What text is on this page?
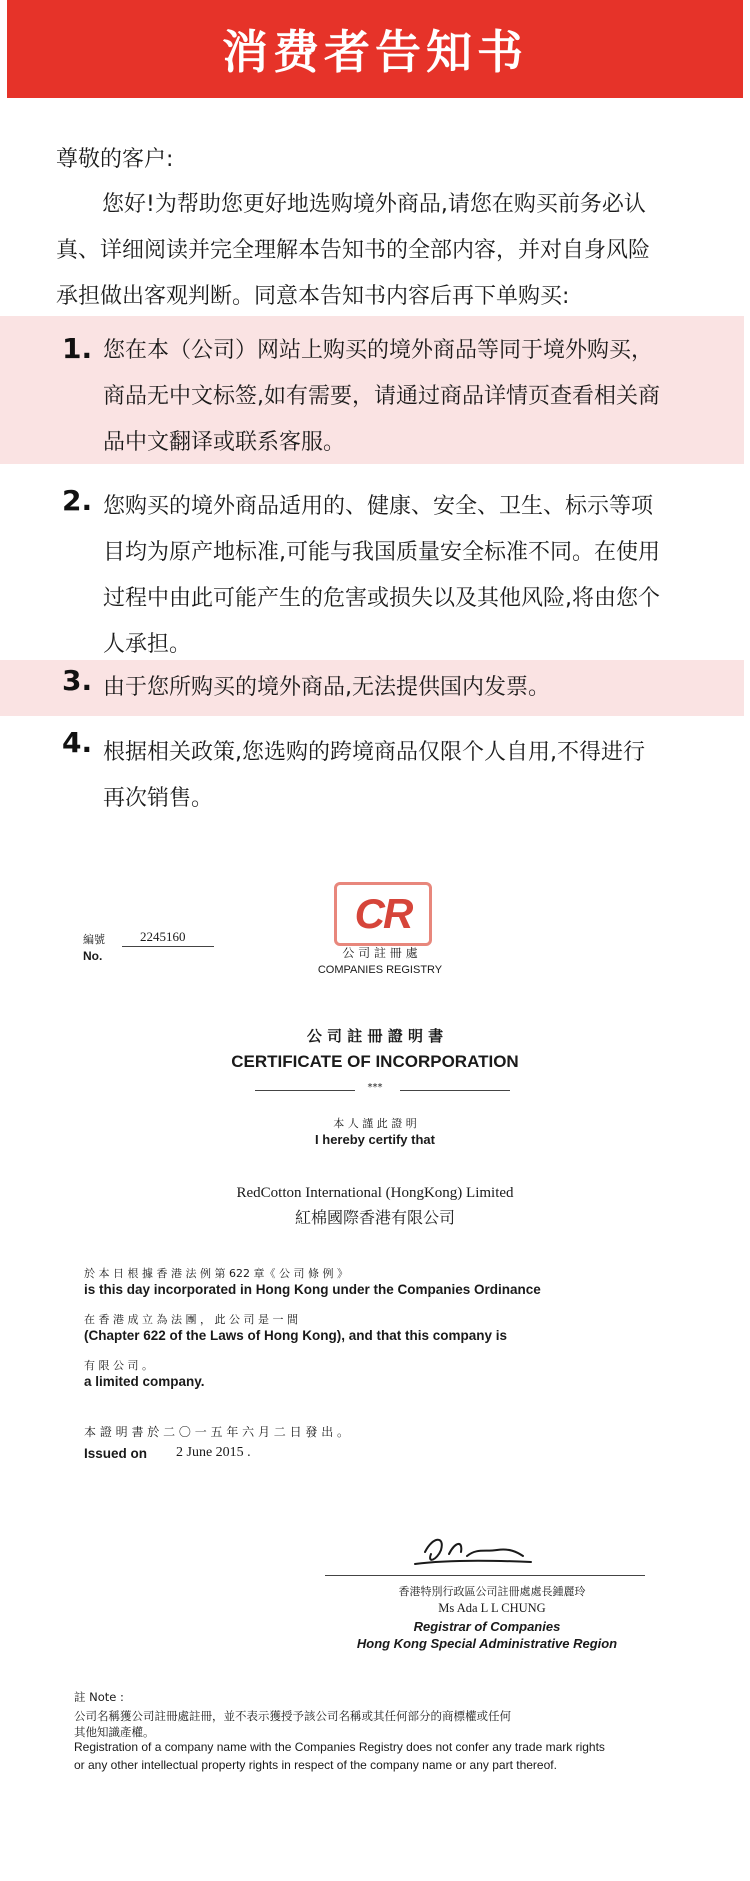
消费者告知书
尊敬的客户:
您好!为帮助您更好地选购境外商品,请您在购买前务必认
真、详细阅读并完全理解本告知书的全部内容，并对自身风险
承担做出客观判断。同意本告知书内容后再下单购买:
1. 您在本（公司）网站上购买的境外商品等同于境外购买，
商品无中文标签,如有需要，请通过商品详情页查看相关商
品中文翻译或联系客服。
2. 您购买的境外商品适用的、健康、安全、卫生、标示等项
目均为原产地标准,可能与我国质量安全标准不同。在使用
过程中由此可能产生的危害或损失以及其他风险,将由您个
人承担。
3. 由于您所购买的境外商品,无法提供国内发票。
4. 根据相关政策,您选购的跨境商品仅限个人自用,不得进行
再次销售。
CR
編號	2245160
No.	公 司 註 冊 處
COMPANIES REGISTRY
公 司 註 冊 證 明 書
CERTIFICATE OF INCORPORATION
***
本 人 謹 此 證 明
I hereby certify that
RedCotton International (HongKong) Limited
紅棉國際香港有限公司
於 本 日 根 據 香 港 法 例 第 622 章《 公 司 條 例 》
is this day incorporated in Hong Kong under the Companies Ordinance
在 香 港 成 立 為 法 團 ， 此 公 司 是 一 間
(Chapter 622 of the Laws of Hong Kong), and that this company is
有 限 公 司 。
a limited company.
本 證 明 書 於 二 〇 一 五 年 六 月 二 日 發 出 。
Issued on 2 June 2015 .
香港特別行政區公司註冊處處長鍾麗玲
Ms Ada L L CHUNG
Registrar of Companies
Hong Kong Special Administrative Region
註 Note :
公司名稱獲公司註冊處註冊，並不表示獲授予該公司名稱或其任何部分的商標權或任何
其他知識產權。
Registration of a company name with the Companies Registry does not confer any trade mark rights
or any other intellectual property rights in respect of the company name or any part thereof.
